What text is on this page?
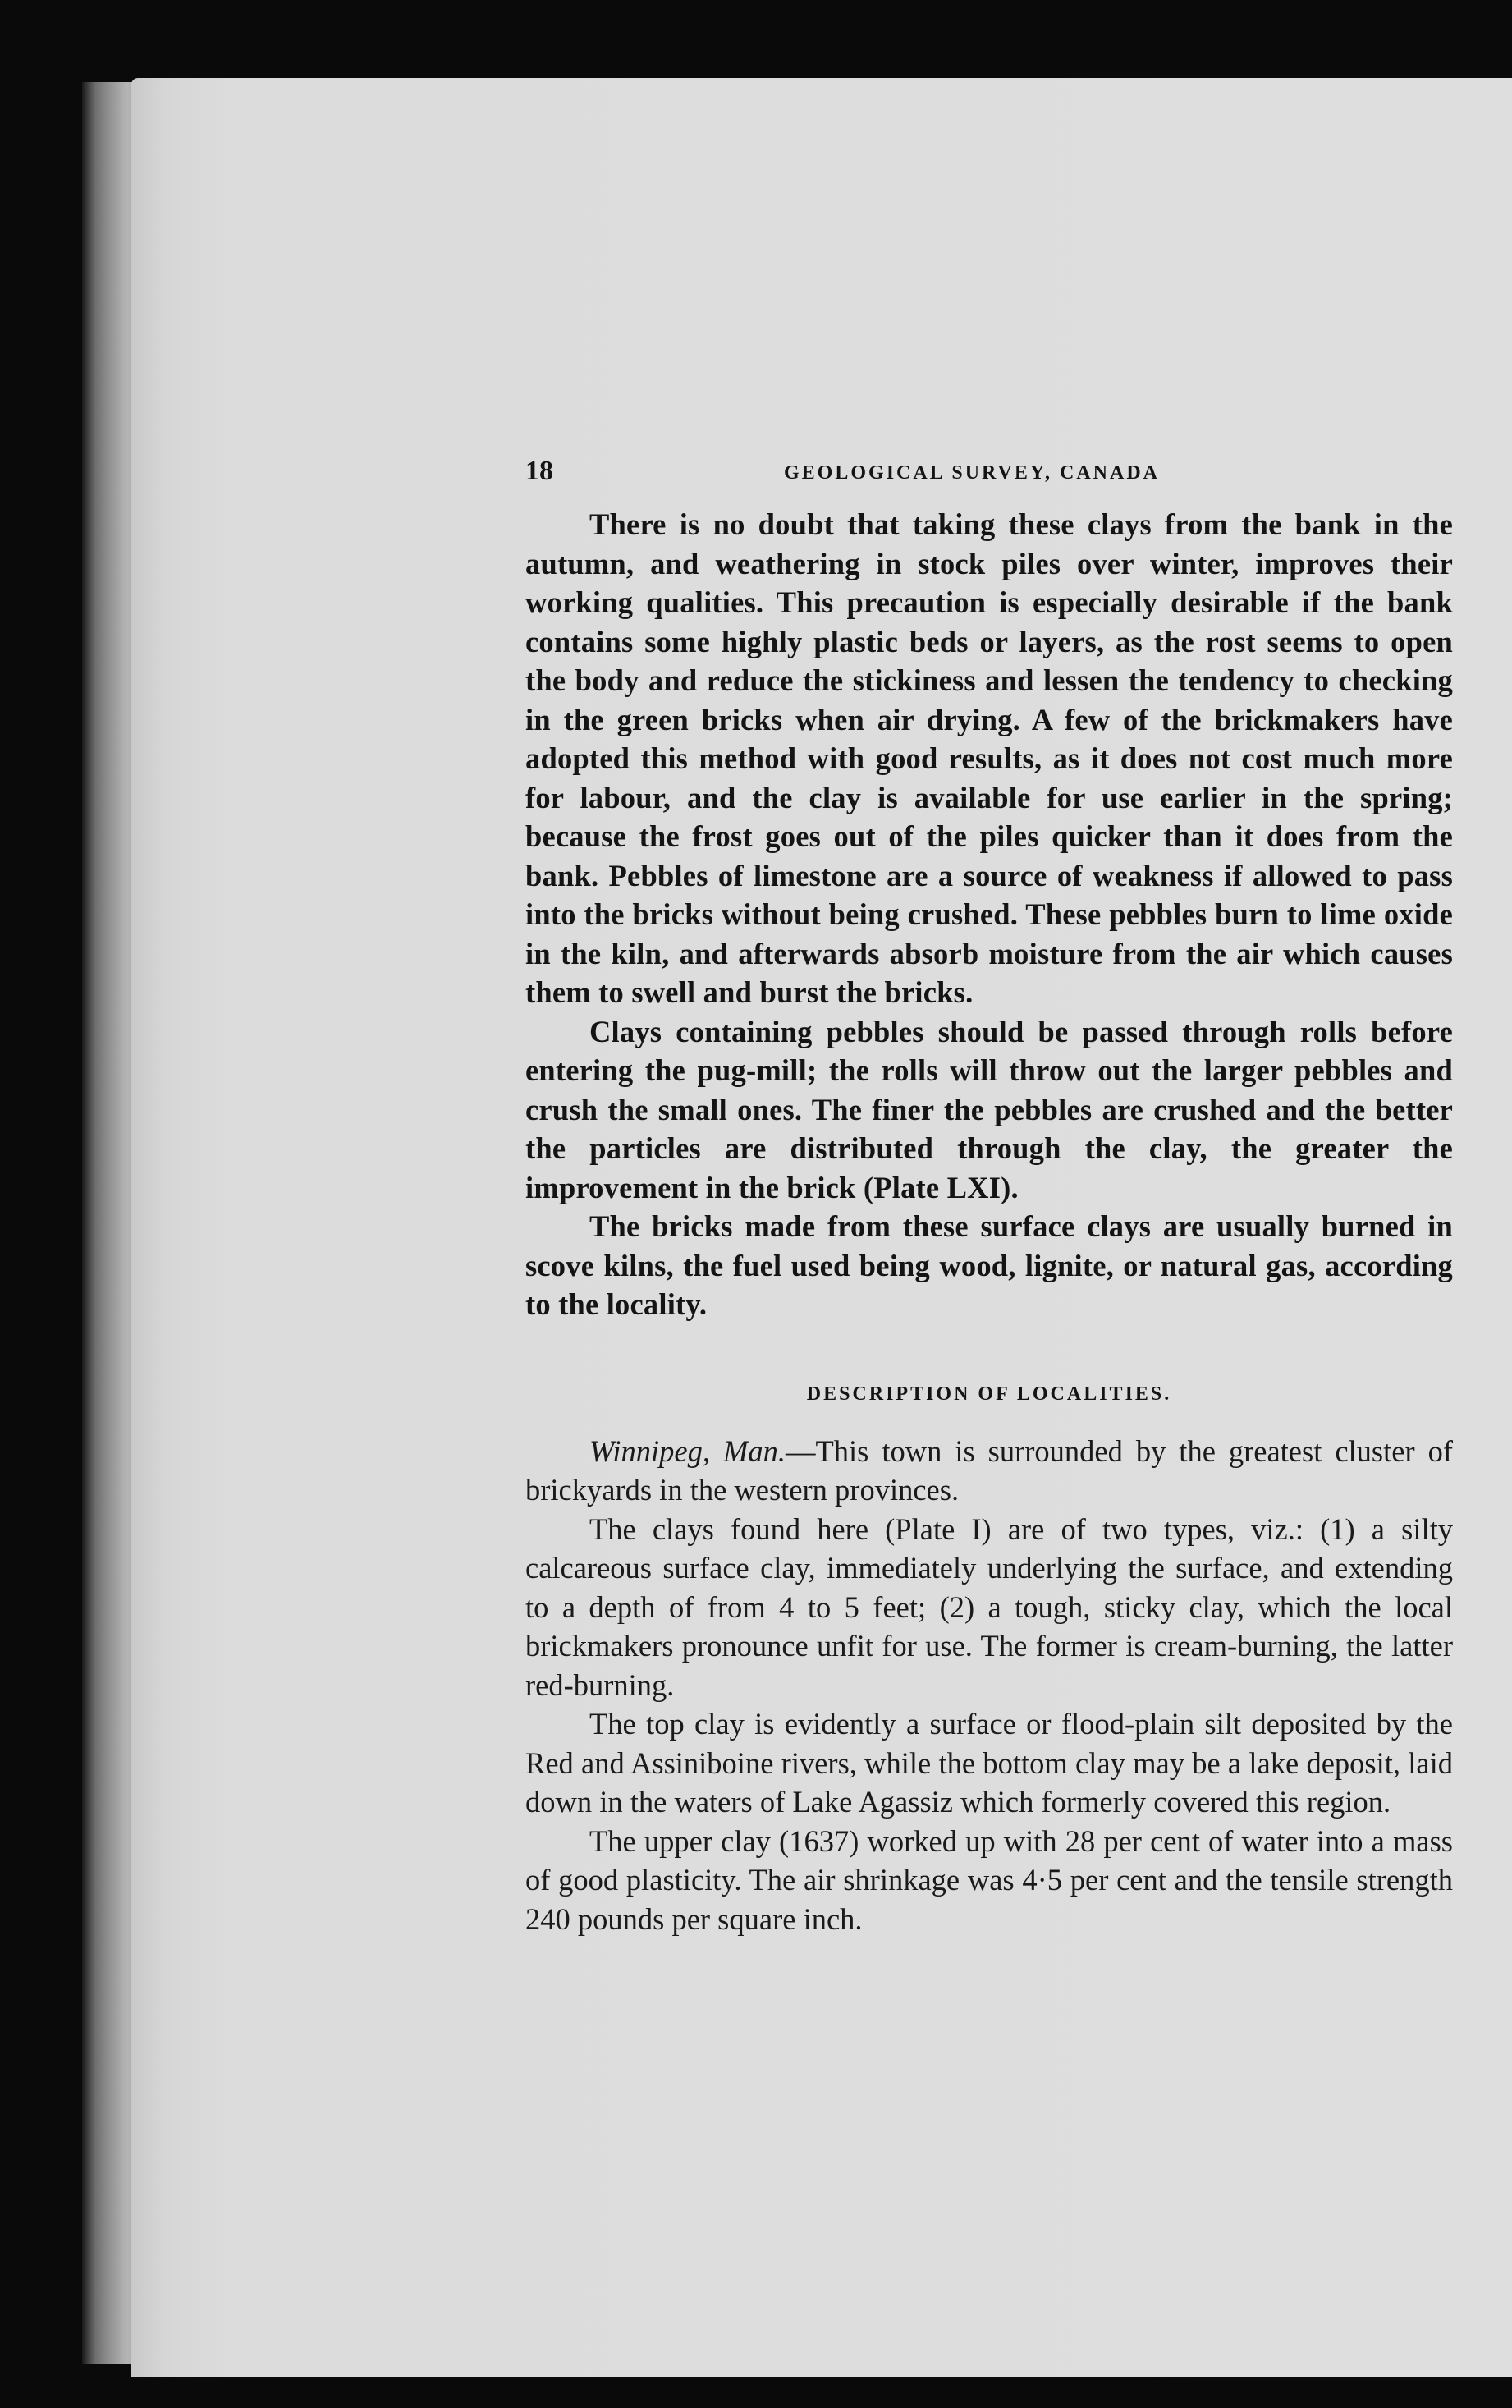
18	GEOLOGICAL SURVEY, CANADA

There is no doubt that taking these clays from the bank in the autumn, and weathering in stock piles over winter, improves their working qualities. This precaution is especially desirable if the bank contains some highly plastic beds or layers, as the rost seems to open the body and reduce the stickiness and lessen the tendency to checking in the green bricks when air drying. A few of the brickmakers have adopted this method with good results, as it does not cost much more for labour, and the clay is available for use earlier in the spring; because the frost goes out of the piles quicker than it does from the bank. Pebbles of limestone are a source of weakness if allowed to pass into the bricks without being crushed. These pebbles burn to lime oxide in the kiln, and afterwards absorb moisture from the air which causes them to swell and burst the bricks.

Clays containing pebbles should be passed through rolls before entering the pug-mill; the rolls will throw out the larger pebbles and crush the small ones. The finer the pebbles are crushed and the better the particles are distributed through the clay, the greater the improvement in the brick (Plate LXI).

The bricks made from these surface clays are usually burned in scove kilns, the fuel used being wood, lignite, or natural gas, according to the locality.

DESCRIPTION OF LOCALITIES.

Winnipeg, Man.—This town is surrounded by the greatest cluster of brickyards in the western provinces.

The clays found here (Plate I) are of two types, viz.: (1) a silty calcareous surface clay, immediately underlying the surface, and extending to a depth of from 4 to 5 feet; (2) a tough, sticky clay, which the local brickmakers pronounce unfit for use. The former is cream-burning, the latter red-burning.

The top clay is evidently a surface or flood-plain silt deposited by the Red and Assiniboine rivers, while the bottom clay may be a lake deposit, laid down in the waters of Lake Agassiz which formerly covered this region.

The upper clay (1637) worked up with 28 per cent of water into a mass of good plasticity. The air shrinkage was 4·5 per cent and the tensile strength 240 pounds per square inch.
